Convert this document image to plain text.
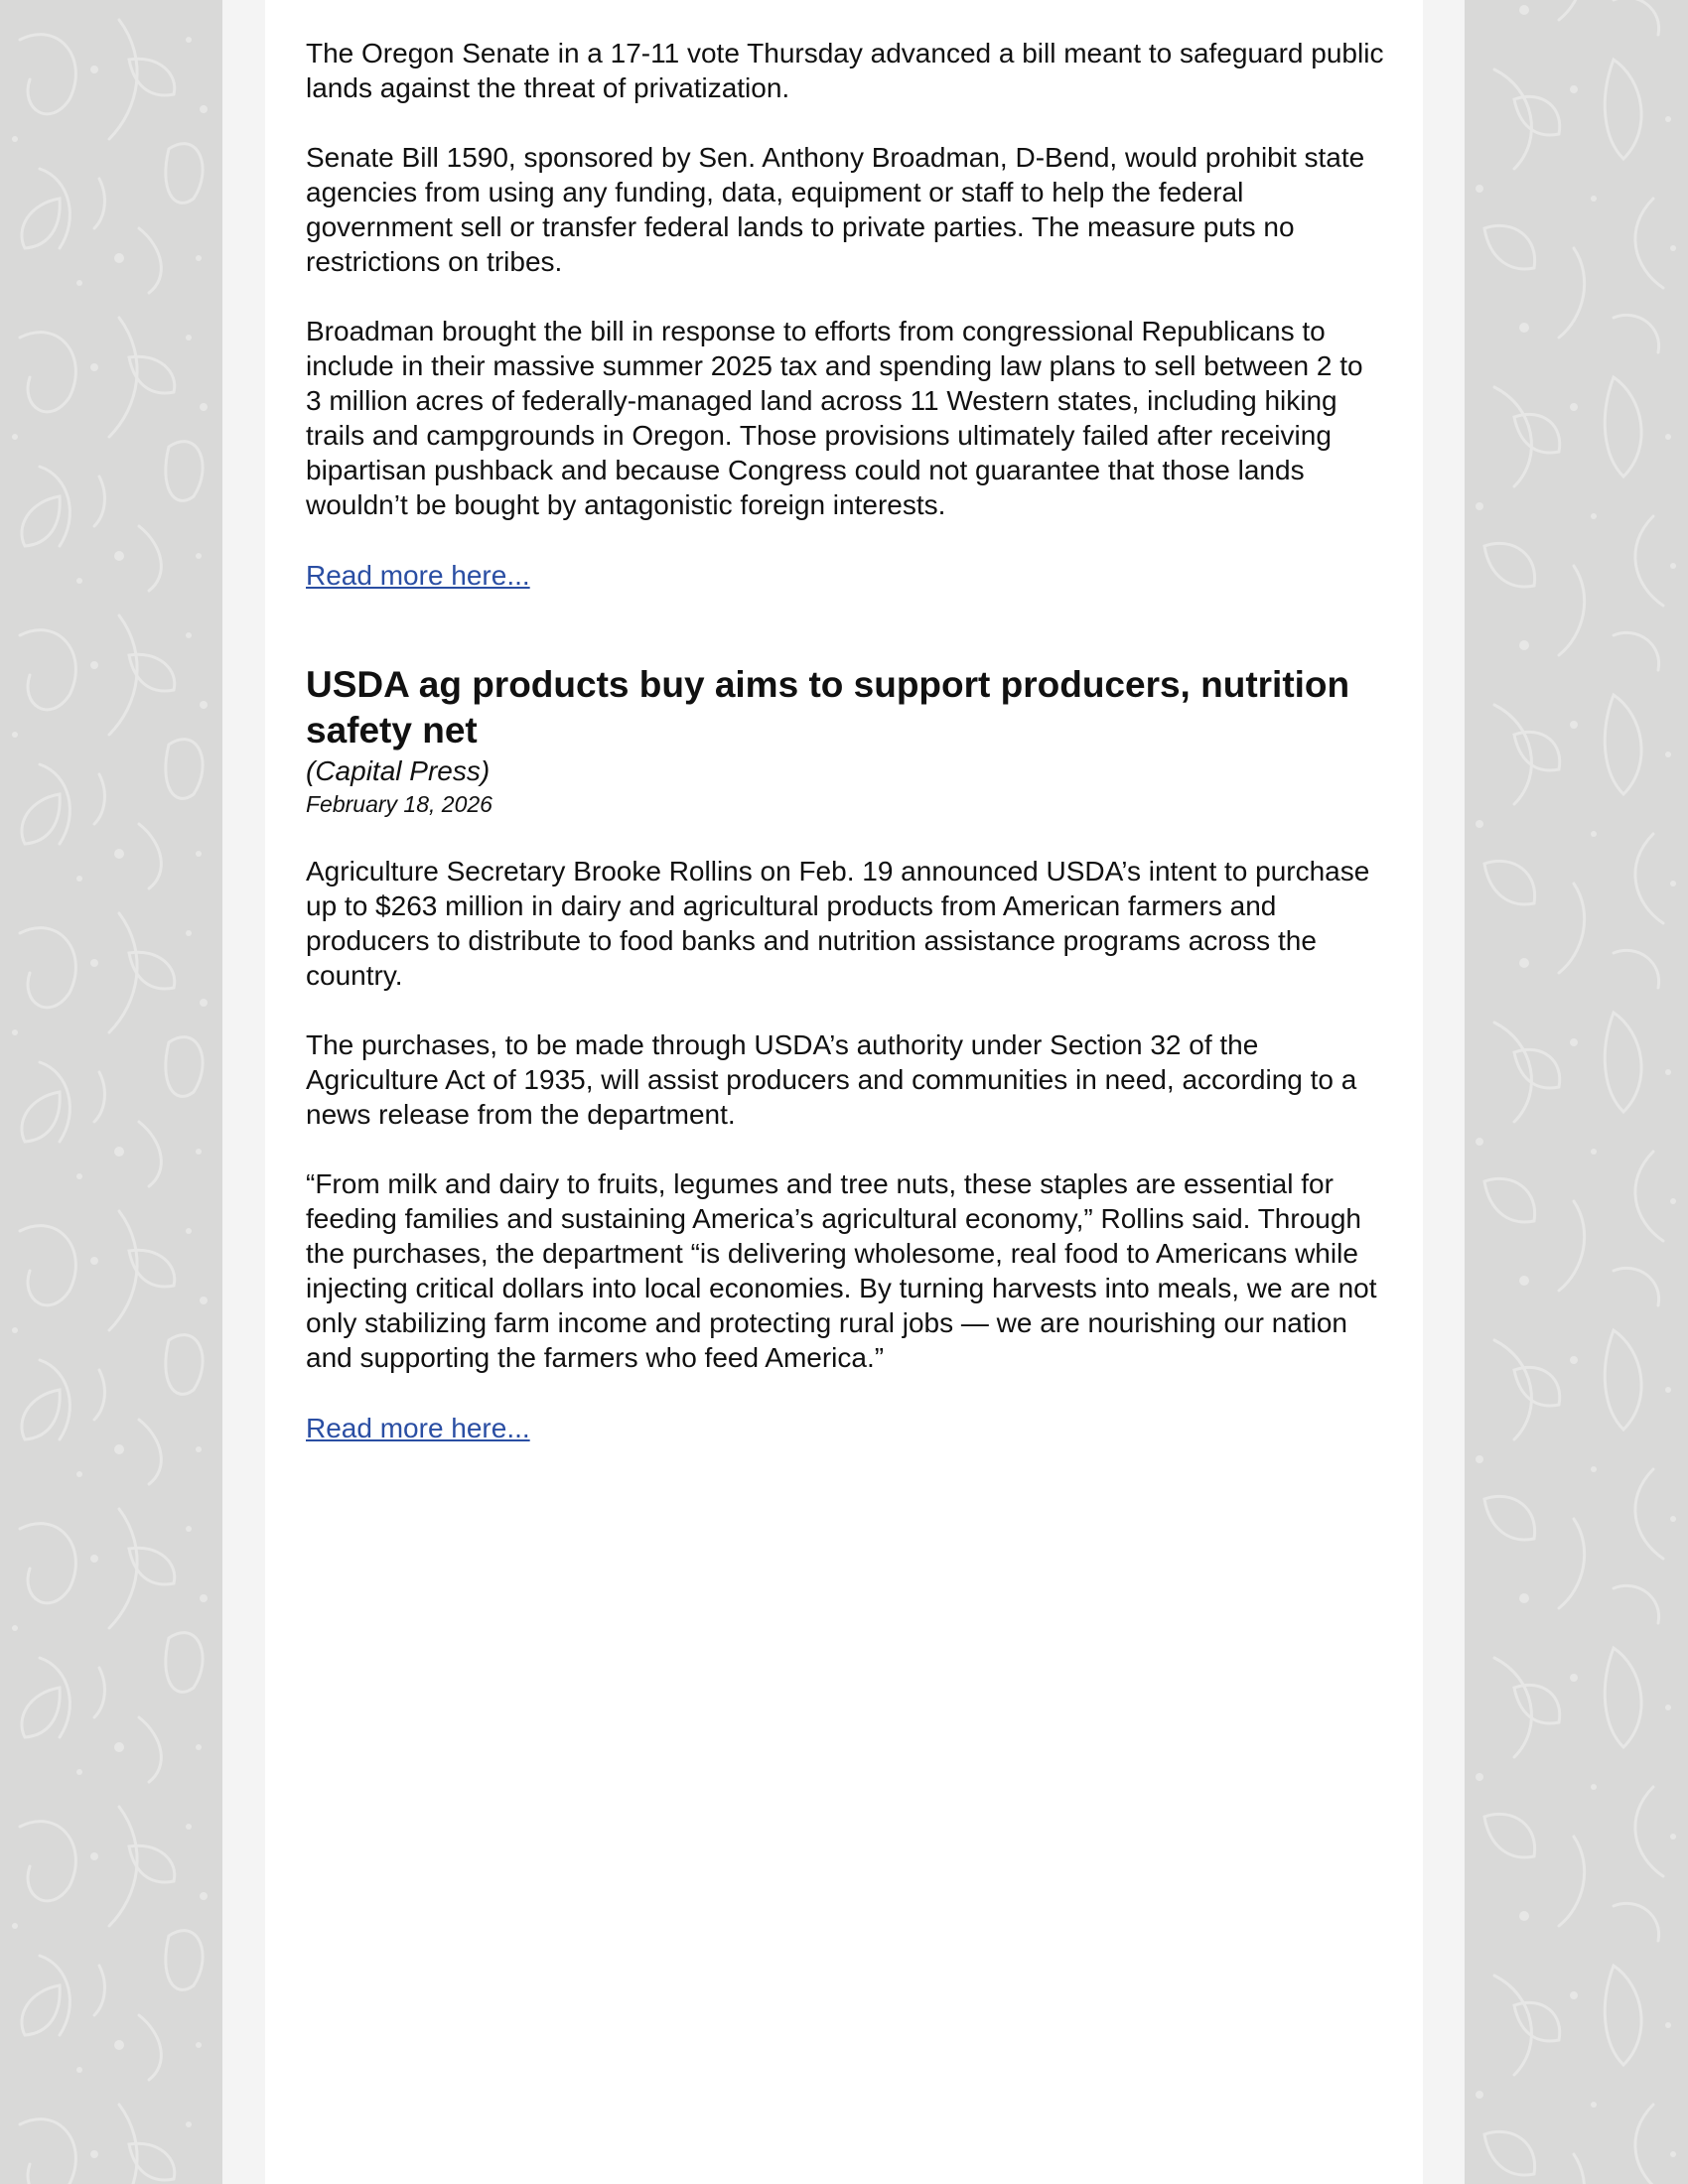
The Oregon Senate in a 17-11 vote Thursday advanced a bill meant to safeguard public lands against the threat of privatization.

Senate Bill 1590, sponsored by Sen. Anthony Broadman, D-Bend, would prohibit state agencies from using any funding, data, equipment or staff to help the federal government sell or transfer federal lands to private parties. The measure puts no restrictions on tribes.

Broadman brought the bill in response to efforts from congressional Republicans to include in their massive summer 2025 tax and spending law plans to sell between 2 to 3 million acres of federally-managed land across 11 Western states, including hiking trails and campgrounds in Oregon. Those provisions ultimately failed after receiving bipartisan pushback and because Congress could not guarantee that those lands wouldn’t be bought by antagonistic foreign interests.

Read more here...
USDA ag products buy aims to support producers, nutrition safety net
(Capital Press)
February 18, 2026

Agriculture Secretary Brooke Rollins on Feb. 19 announced USDA’s intent to purchase up to $263 million in dairy and agricultural products from American farmers and producers to distribute to food banks and nutrition assistance programs across the country.

The purchases, to be made through USDA’s authority under Section 32 of the Agriculture Act of 1935, will assist producers and communities in need, according to a news release from the department.

“From milk and dairy to fruits, legumes and tree nuts, these staples are essential for feeding families and sustaining America’s agricultural economy,” Rollins said. Through the purchases, the department “is delivering wholesome, real food to Americans while injecting critical dollars into local economies. By turning harvests into meals, we are not only stabilizing farm income and protecting rural jobs — we are nourishing our nation and supporting the farmers who feed America.”

Read more here...
